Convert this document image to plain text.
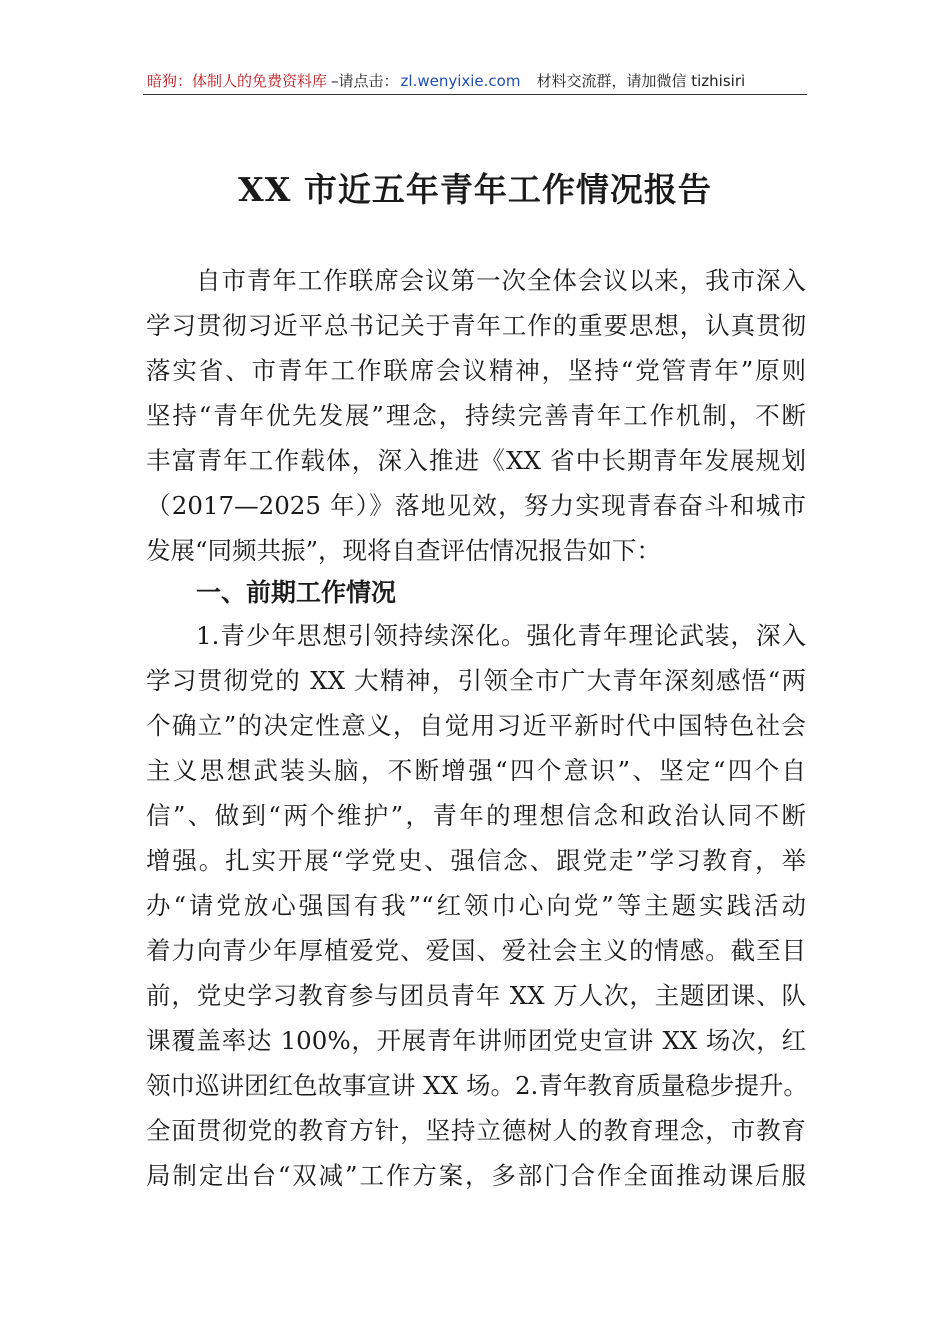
暗狗：体制人的免费资料库 –请点击： zl.wenyixie.com 材料交流群，请加微信 tizhisiri
XX 市近五年青年工作情况报告
自市青年工作联席会议第一次全体会议以来，我市深入
学习贯彻习近平总书记关于青年工作的重要思想，认真贯彻
落实省、市青年工作联席会议精神，坚持“党管青年”原则
坚持“青年优先发展”理念，持续完善青年工作机制，不断
丰富青年工作载体，深入推进《XX 省中长期青年发展规划
（2017—2025 年）》落地见效，努力实现青春奋斗和城市
发展“同频共振”，现将自查评估情况报告如下：
一、前期工作情况
1.青少年思想引领持续深化。强化青年理论武装，深入
学习贯彻党的 XX 大精神，引领全市广大青年深刻感悟“两
个确立”的决定性意义，自觉用习近平新时代中国特色社会
主义思想武装头脑，不断增强“四个意识”、坚定“四个自
信”、做到“两个维护”，青年的理想信念和政治认同不断
增强。扎实开展“学党史、强信念、跟党走”学习教育，举
办“请党放心强国有我”“红领巾心向党”等主题实践活动
着力向青少年厚植爱党、爱国、爱社会主义的情感。截至目
前，党史学习教育参与团员青年 XX 万人次，主题团课、队
课覆盖率达 100%，开展青年讲师团党史宣讲 XX 场次，红
领巾巡讲团红色故事宣讲 XX 场。2.青年教育质量稳步提升。
全面贯彻党的教育方针，坚持立德树人的教育理念，市教育
局制定出台“双减”工作方案，多部门合作全面推动课后服
